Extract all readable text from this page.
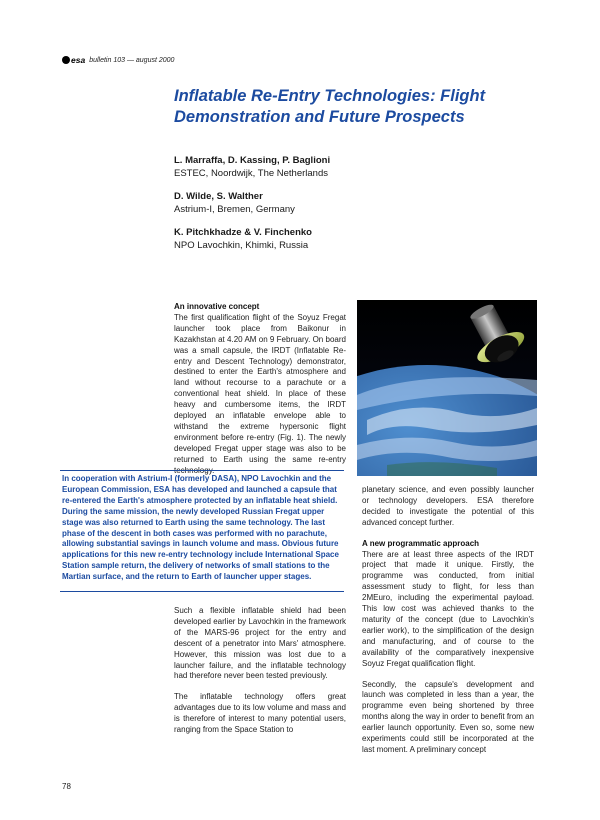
esa bulletin 103 — august 2000
Inflatable Re-Entry Technologies: Flight Demonstration and Future Prospects
L. Marraffa, D. Kassing, P. Baglioni
ESTEC, Noordwijk, The Netherlands
D. Wilde, S. Walther
Astrium-I, Bremen, Germany
K. Pitchkhadze & V. Finchenko
NPO Lavochkin, Khimki, Russia
An innovative concept

The first qualification flight of the Soyuz Fregat launcher took place from Baikonur in Kazakhstan at 4.20 AM on 9 February. On board was a small capsule, the IRDT (Inflatable Re-entry and Descent Technology) demonstrator, destined to enter the Earth's atmosphere and land without recourse to a parachute or a conventional heat shield. In place of these heavy and cumbersome items, the IRDT deployed an inflatable envelope able to withstand the extreme hypersonic flight environment before re-entry (Fig. 1). The newly developed Fregat upper stage was also to be returned to Earth using the same re-entry technology.

In cooperation with Astrium-I (formerly DASA), NPO Lavochkin and the European Commission, ESA has developed and launched a capsule that re-entered the Earth's atmosphere protected by an inflatable heat shield. During the same mission, the newly developed Russian Fregat upper stage was also returned to Earth using the same technology. The last phase of the descent in both cases was performed with no parachute, allowing substantial savings in launch volume and mass. Obvious future applications for this new re-entry technology include International Space Station sample return, the delivery of networks of small stations to the Martian surface, and the return to Earth of launcher upper stages.

Such a flexible inflatable shield had been developed earlier by Lavochkin in the framework of the MARS-96 project for the entry and descent of a penetrator into Mars' atmosphere. However, this mission was lost due to a launcher failure, and the inflatable technology had therefore never been tested previously.

The inflatable technology offers great advantages due to its low volume and mass and is therefore of interest to many potential users, ranging from the Space Station to

planetary science, and even possibly launcher or technology developers. ESA therefore decided to investigate the potential of this advanced concept further.

A new programmatic approach

There are at least three aspects of the IRDT project that made it unique. Firstly, the programme was conducted, from initial assessment study to flight, for less than 2MEuro, including the experimental payload. This low cost was achieved thanks to the maturity of the concept (due to Lavochkin's earlier work), to the simplification of the design and manufacturing, and of course to the availability of the comparatively inexpensive Soyuz Fregat qualification flight.

Secondly, the capsule's development and launch was completed in less than a year, the programme even being shortened by three months along the way in order to benefit from an earlier launch opportunity. Even so, some new experiments could still be incorporated at the last moment. A preliminary concept

78
